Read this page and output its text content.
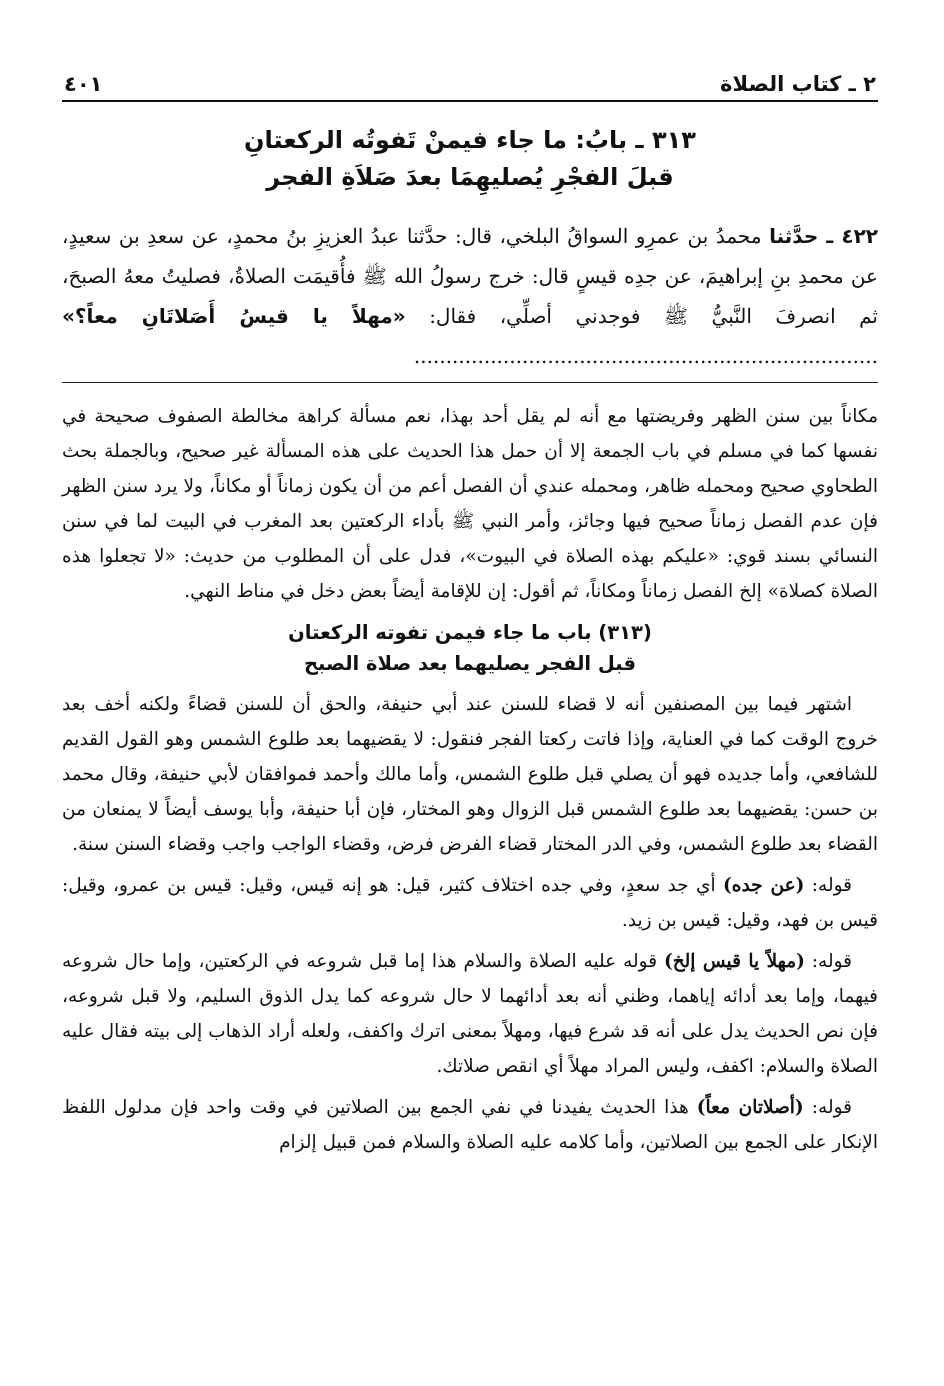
٢ ـ كتاب الصلاة
٤٠١
٣١٣ ـ بابُ: ما جاء فيمنْ تَفوتُه الركعتانِ
قبلَ الفجْرِ يُصليهِمَا بعدَ صَلاَةِ الفجر
٤٢٢ ـ حدَّثنا محمدُ بن عمرِو السواقُ البلخي، قال: حدَّثنا عبدُ العزيزِ بنُ محمدٍ، عن سعدِ بن سعيدٍ، عن محمدِ بنِ إبراهيمَ، عن جدِه قيسٍ قال: خرج رسولُ الله ﷺ فأُقيمَت الصلاةُ، فصليتُ معهُ الصبحَ، ثم انصرفَ النَّبيُّ ﷺ فوجدني أصلِّي، فقال: «مهلاً يا قيسُ أَصَلاتَانِ معاً؟» .........................................................................

مكاناً بين سنن الظهر وفريضتها مع أنه لم يقل أحد بهذا، نعم مسألة كراهة مخالطة الصفوف صحيحة في نفسها كما في مسلم في باب الجمعة إلا أن حمل هذا الحديث على هذه المسألة غير صحيح، وبالجملة بحث الطحاوي صحيح ومحمله ظاهر، ومحمله عندي أن الفصل أعم من أن يكون زماناً أو مكاناً، ولا يرد سنن الظهر فإن عدم الفصل زماناً صحيح فيها وجائز، وأمر النبي ﷺ بأداء الركعتين بعد المغرب في البيت لما في سنن النسائي بسند قوي: «عليكم بهذه الصلاة في البيوت»، فدل على أن المطلوب من حديث: «لا تجعلوا هذه الصلاة كصلاة» إلخ الفصل زماناً ومكاناً، ثم أقول: إن للإقامة أيضاً بعض دخل في مناط النهي.

(٣١٣) باب ما جاء فيمن تفوته الركعتان
قبل الفجر يصليهما بعد صلاة الصبح

اشتهر فيما بين المصنفين أنه لا قضاء للسنن عند أبي حنيفة، والحق أن للسنن قضاءً ولكنه أخف بعد خروج الوقت كما في العناية، وإذا فاتت ركعتا الفجر فنقول: لا يقضيهما بعد طلوع الشمس وهو القول القديم للشافعي، وأما جديده فهو أن يصلي قبل طلوع الشمس، وأما مالك وأحمد فموافقان لأبي حنيفة، وقال محمد بن حسن: يقضيهما بعد طلوع الشمس قبل الزوال وهو المختار، فإن أبا حنيفة، وأبا يوسف أيضاً لا يمنعان من القضاء بعد طلوع الشمس، وفي الدر المختار قضاء الفرض فرض، وقضاء الواجب واجب وقضاء السنن سنة.

قوله: (عن جده) أي جد سعدٍ، وفي جده اختلاف كثير، قيل: هو إنه قيس، وقيل: قيس بن عمرو، وقيل: قيس بن فهد، وقيل: قيس بن زيد.

قوله: (مهلاً يا قيس إلخ) قوله عليه الصلاة والسلام هذا إما قبل شروعه في الركعتين، وإما حال شروعه فيهما، وإما بعد أدائه إياهما، وظني أنه بعد أدائهما لا حال شروعه كما يدل الذوق السليم، ولا قبل شروعه، فإن نص الحديث يدل على أنه قد شرع فيها، ومهلاً بمعنى اترك واكفف، ولعله أراد الذهاب إلى بيته فقال عليه الصلاة والسلام: اكفف، وليس المراد مهلاً أي انقص صلاتك.

قوله: (أصلاتان معاً) هذا الحديث يفيدنا في نفي الجمع بين الصلاتين في وقت واحد فإن مدلول اللفظ الإنكار على الجمع بين الصلاتين، وأما كلامه عليه الصلاة والسلام فمن قبيل إلزام
